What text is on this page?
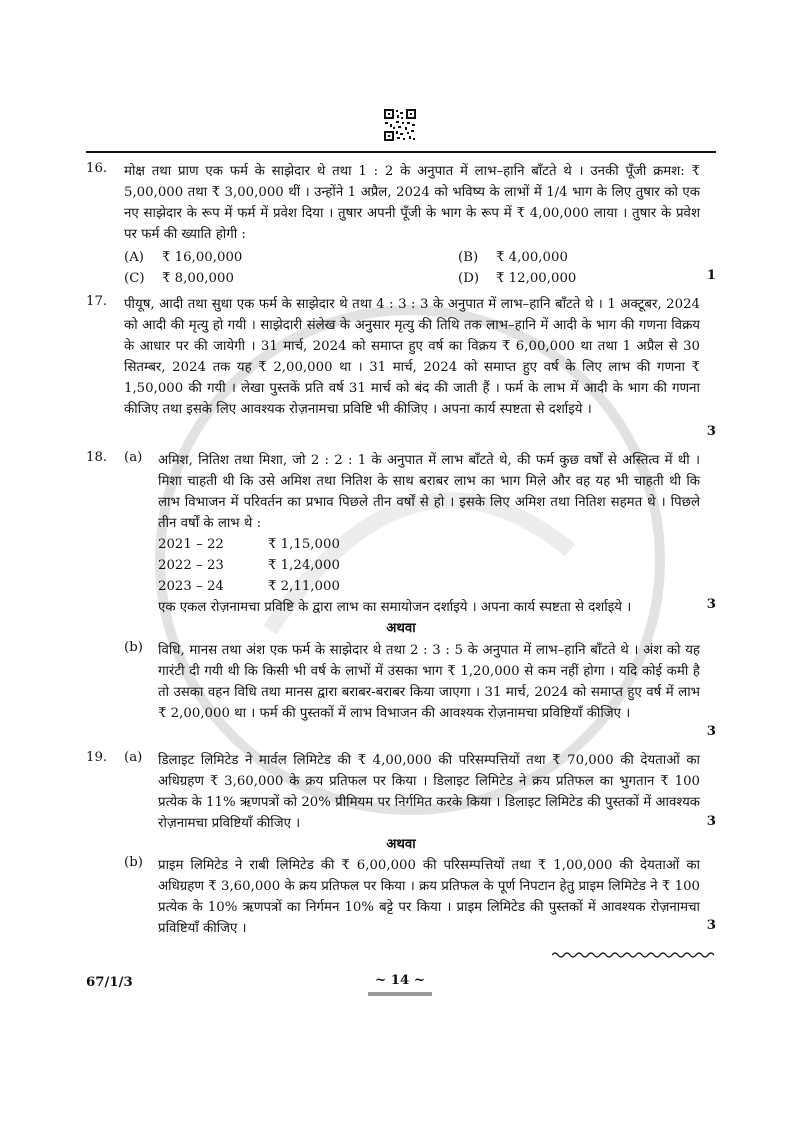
16. मोक्ष तथा प्राण एक फर्म के साझेदार थे तथा 1 : 2 के अनुपात में लाभ–हानि बाँटते थे । उनकी पूँजी क्रमश: ₹ 5,00,000 तथा ₹ 3,00,000 थीं । उन्होंने 1 अप्रैल, 2024 को भविष्य के लाभों में 1/4 भाग के लिए तुषार को एक नए साझेदार के रूप में फर्म में प्रवेश दिया । तुषार अपनी पूँजी के भाग के रूप में ₹ 4,00,000 लाया । तुषार के प्रवेश पर फर्म की ख्याति होगी :
(A) ₹ 16,00,000	(B) ₹ 4,00,000
(C) ₹ 8,00,000	(D) ₹ 12,00,000	1
17. पीयूष, आदी तथा सुधा एक फर्म के साझेदार थे तथा 4 : 3 : 3 के अनुपात में लाभ–हानि बाँटते थे । 1 अक्टूबर, 2024 को आदी की मृत्यु हो गयी । साझेदारी संलेख के अनुसार मृत्यु की तिथि तक लाभ–हानि में आदी के भाग की गणना विक्रय के आधार पर की जायेगी । 31 मार्च, 2024 को समाप्त हुए वर्ष का विक्रय ₹ 6,00,000 था तथा 1 अप्रैल से 30 सितम्बर, 2024 तक यह ₹ 2,00,000 था । 31 मार्च, 2024 को समाप्त हुए वर्ष के लिए लाभ की गणना ₹ 1,50,000 की गयी । लेखा पुस्तकें प्रति वर्ष 31 मार्च को बंद की जाती हैं । फर्म के लाभ में आदी के भाग की गणना कीजिए तथा इसके लिए आवश्यक रोज़नामचा प्रविष्टि भी कीजिए । अपना कार्य स्पष्टता से दर्शाइये ।
3
18. (a) अमिश, नितिश तथा मिशा, जो 2 : 2 : 1 के अनुपात में लाभ बाँटते थे, की फर्म कुछ वर्षों से अस्तित्व में थी । मिशा चाहती थी कि उसे अमिश तथा नितिश के साथ बराबर लाभ का भाग मिले और वह यह भी चाहती थी कि लाभ विभाजन में परिवर्तन का प्रभाव पिछले तीन वर्षों से हो । इसके लिए अमिश तथा नितिश सहमत थे । पिछले तीन वर्षों के लाभ थे :
2021 – 22	₹ 1,15,000
2022 – 23	₹ 1,24,000
2023 – 24	₹ 2,11,000
एक एकल रोज़नामचा प्रविष्टि के द्वारा लाभ का समायोजन दर्शाइये । अपना कार्य स्पष्टता से दर्शाइये ।	3
अथवा
(b) विधि, मानस तथा अंश एक फर्म के साझेदार थे तथा 2 : 3 : 5 के अनुपात में लाभ–हानि बाँटते थे । अंश को यह गारंटी दी गयी थी कि किसी भी वर्ष के लाभों में उसका भाग ₹ 1,20,000 से कम नहीं होगा । यदि कोई कमी है तो उसका वहन विधि तथा मानस द्वारा बराबर-बराबर किया जाएगा । 31 मार्च, 2024 को समाप्त हुए वर्ष में लाभ ₹ 2,00,000 था । फर्म की पुस्तकों में लाभ विभाजन की आवश्यक रोज़नामचा प्रविष्टियाँ कीजिए ।
3
19. (a) डिलाइट लिमिटेड ने मार्वल लिमिटेड की ₹ 4,00,000 की परिसम्पत्तियों तथा ₹ 70,000 की देयताओं का अधिग्रहण ₹ 3,60,000 के क्रय प्रतिफल पर किया । डिलाइट लिमिटेड ने क्रय प्रतिफल का भुगतान ₹ 100 प्रत्येक के 11% ऋणपत्रों को 20% प्रीमियम पर निर्गमित करके किया । डिलाइट लिमिटेड की पुस्तकों में आवश्यक रोज़नामचा प्रविष्टियाँ कीजिए ।	3
अथवा
(b) प्राइम लिमिटेड ने राबी लिमिटेड की ₹ 6,00,000 की परिसम्पत्तियों तथा ₹ 1,00,000 की देयताओं का अधिग्रहण ₹ 3,60,000 के क्रय प्रतिफल पर किया । क्रय प्रतिफल के पूर्ण निपटान हेतु प्राइम लिमिटेड ने ₹ 100 प्रत्येक के 10% ऋणपत्रों का निर्गमन 10% बट्टे पर किया । प्राइम लिमिटेड की पुस्तकों में आवश्यक रोज़नामचा प्रविष्टियाँ कीजिए ।	3
67/1/3	~ 14 ~
